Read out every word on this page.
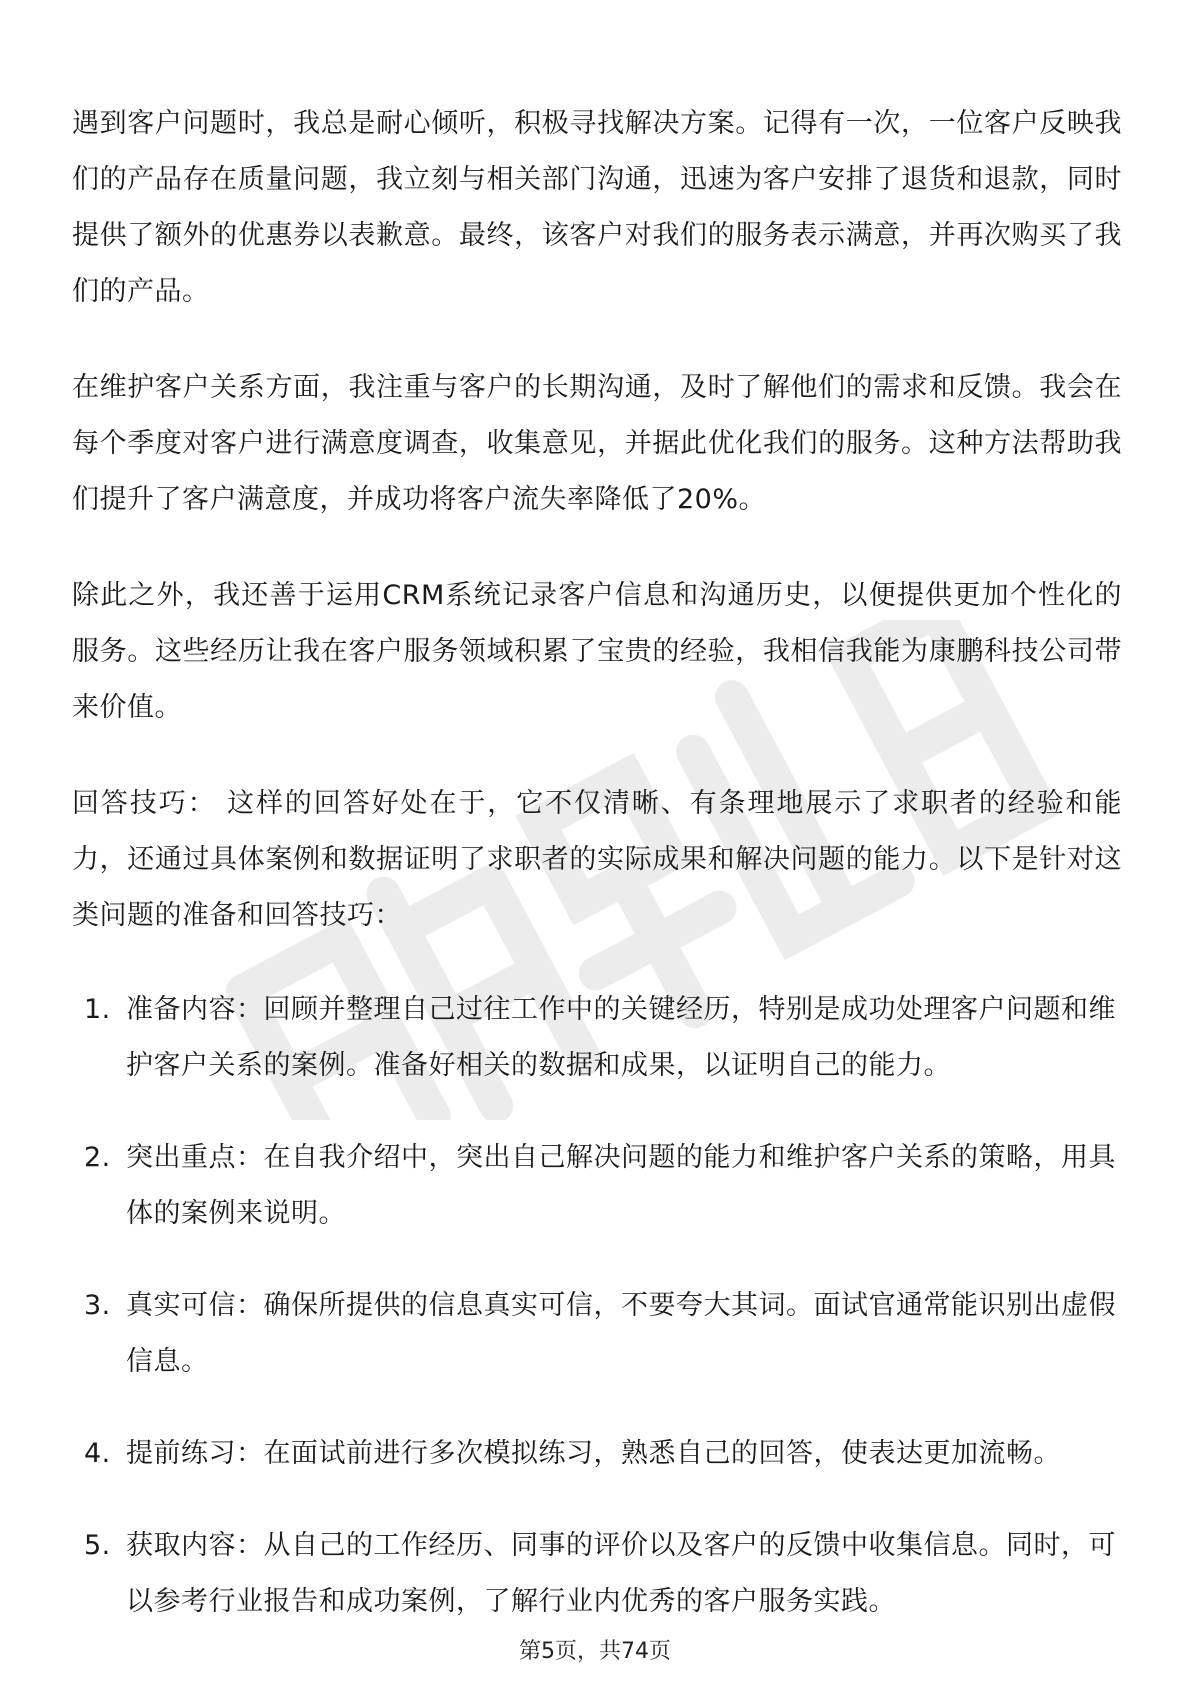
遇到客户问题时，我总是耐心倾听，积极寻找解决方案。记得有一次，一位客户反映我们的产品存在质量问题，我立刻与相关部门沟通，迅速为客户安排了退货和退款，同时提供了额外的优惠券以表歉意。最终，该客户对我们的服务表示满意，并再次购买了我们的产品。

在维护客户关系方面，我注重与客户的长期沟通，及时了解他们的需求和反馈。我会在每个季度对客户进行满意度调查，收集意见，并据此优化我们的服务。这种方法帮助我们提升了客户满意度，并成功将客户流失率降低了20%。

除此之外，我还善于运用CRM系统记录客户信息和沟通历史，以便提供更加个性化的服务。这些经历让我在客户服务领域积累了宝贵的经验，我相信我能为康鹏科技公司带来价值。

回答技巧： 这样的回答好处在于，它不仅清晰、有条理地展示了求职者的经验和能力，还通过具体案例和数据证明了求职者的实际成果和解决问题的能力。以下是针对这类问题的准备和回答技巧：

1. 准备内容：回顾并整理自己过往工作中的关键经历，特别是成功处理客户问题和维护客户关系的案例。准备好相关的数据和成果，以证明自己的能力。
2. 突出重点：在自我介绍中，突出自己解决问题的能力和维护客户关系的策略，用具体的案例来说明。
3. 真实可信：确保所提供的信息真实可信，不要夸大其词。面试官通常能识别出虚假信息。
4. 提前练习：在面试前进行多次模拟练习，熟悉自己的回答，使表达更加流畅。
5. 获取内容：从自己的工作经历、同事的评价以及客户的反馈中收集信息。同时，可以参考行业报告和成功案例，了解行业内优秀的客户服务实践。
第5页，共74页
